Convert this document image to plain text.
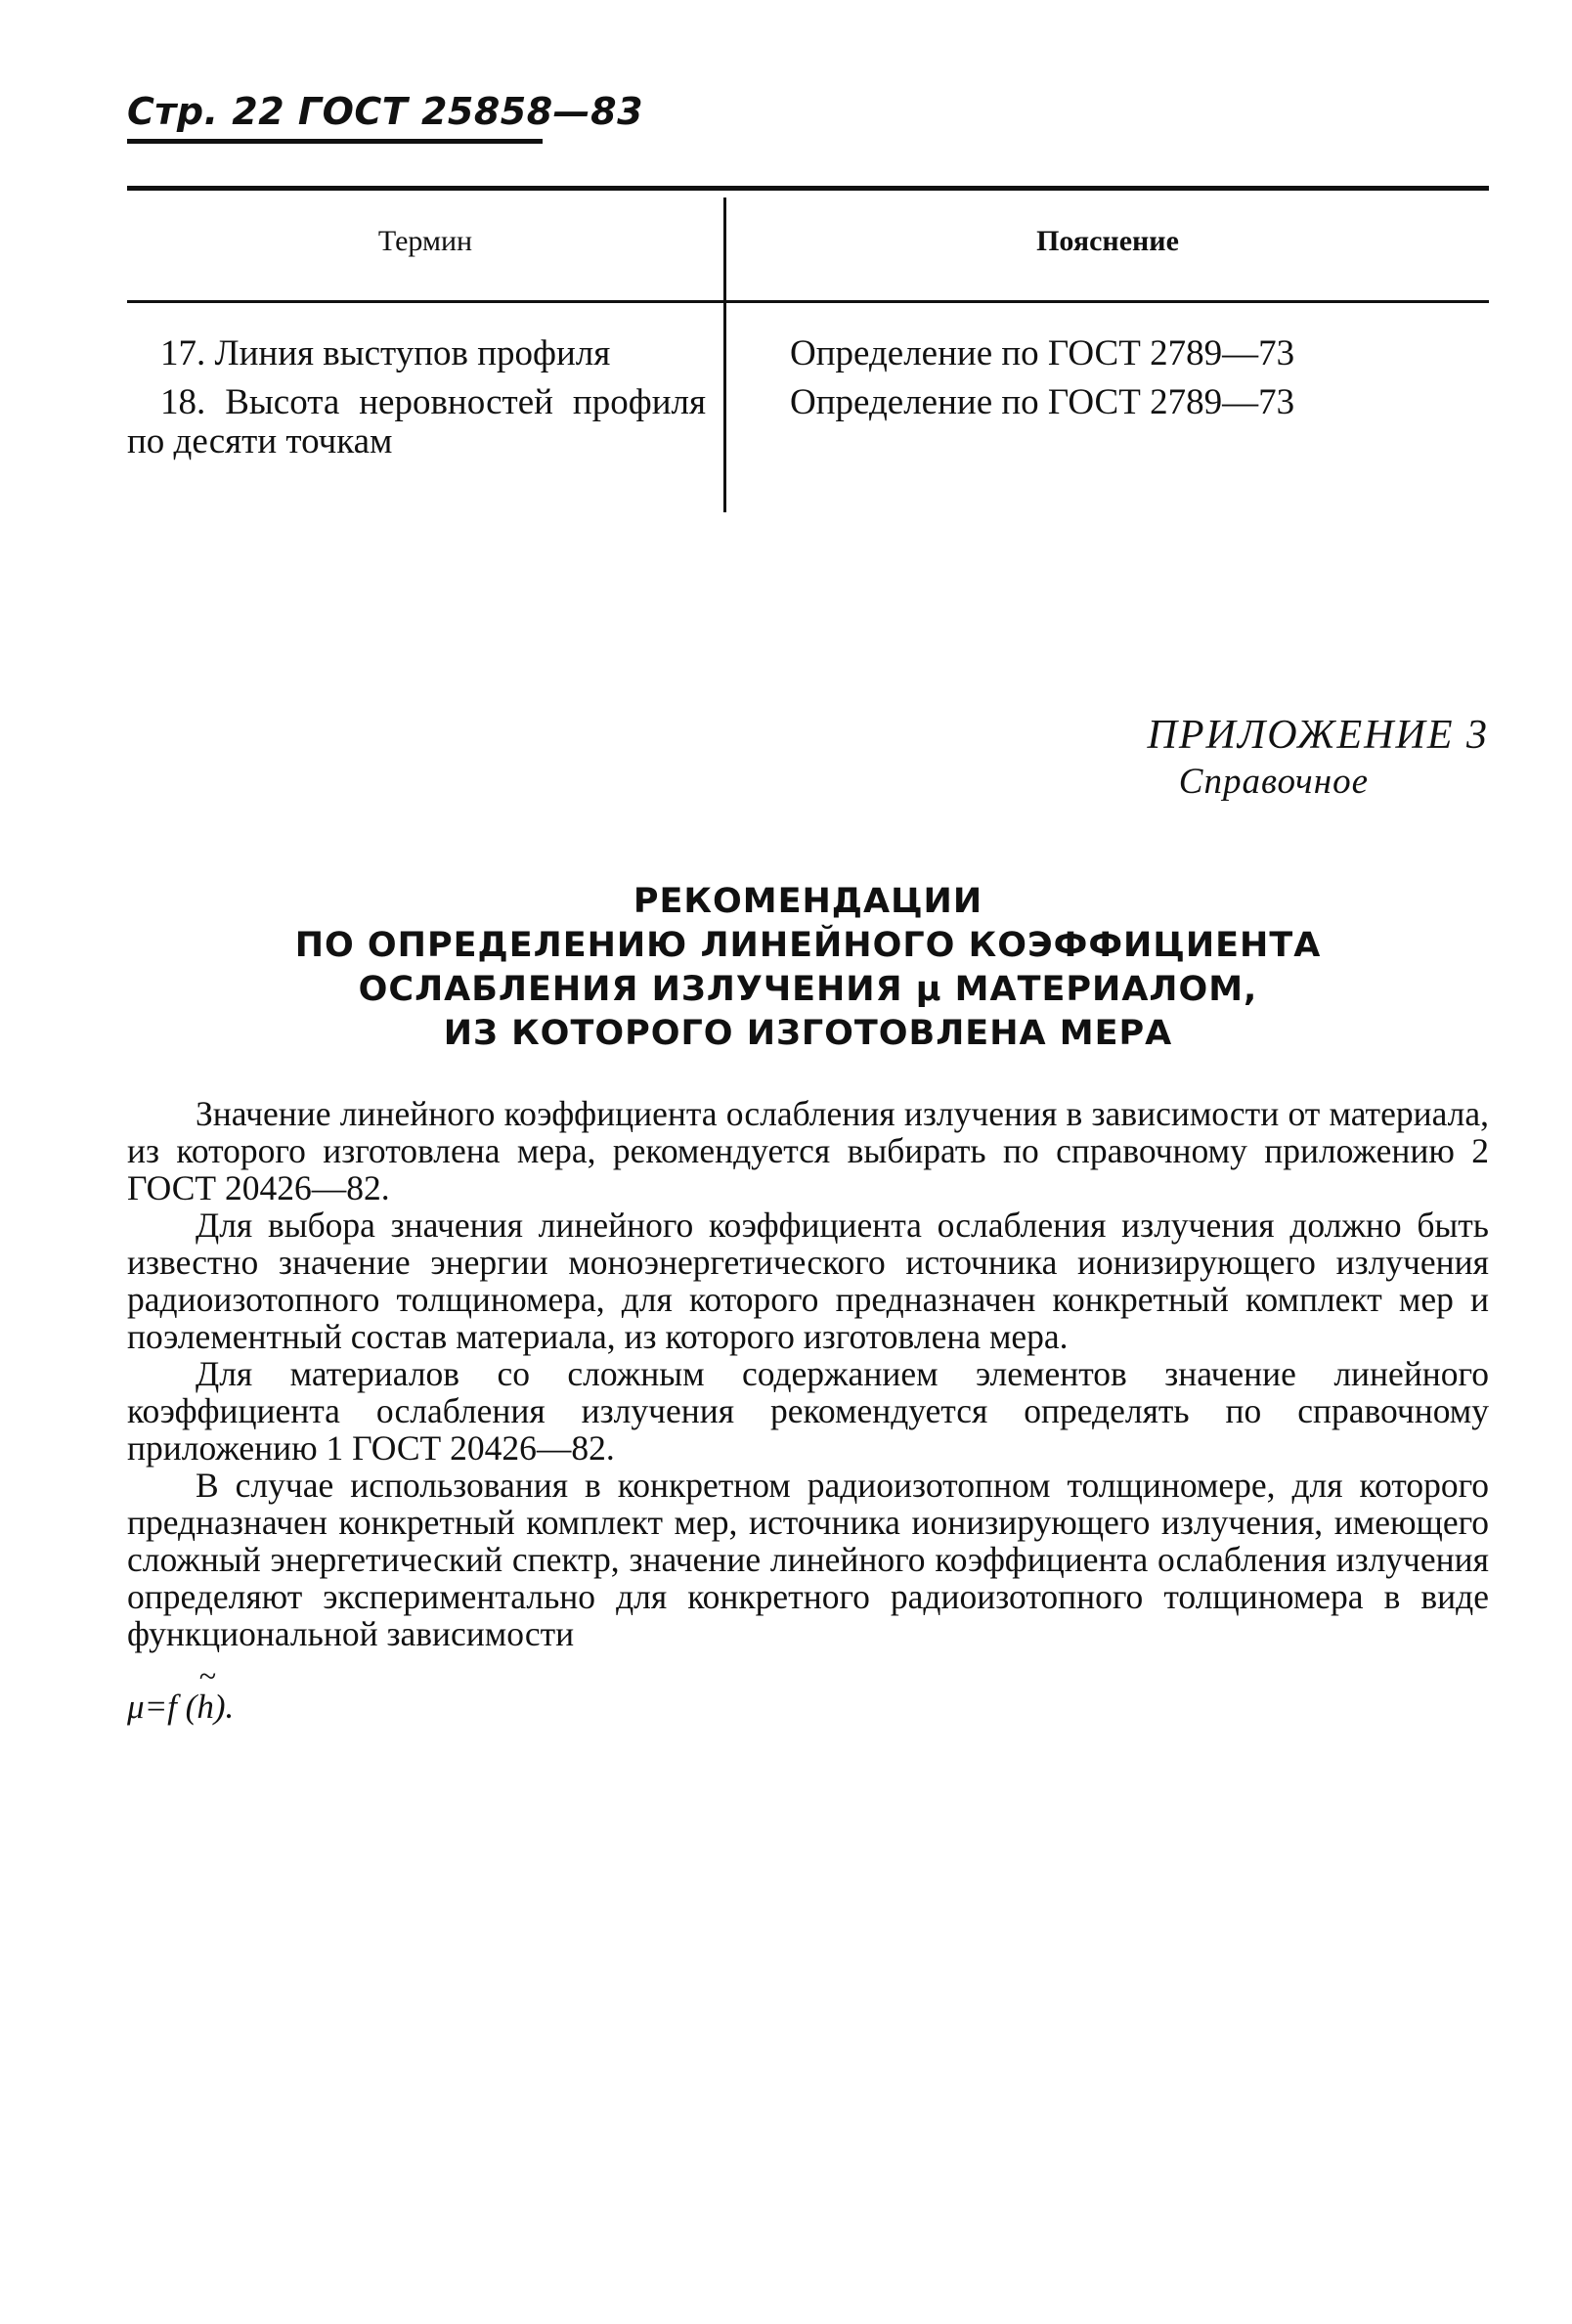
Стр. 22 ГОСТ 25858—83
Термин	Пояснение
17. Линия выступов профиля	Определение по ГОСТ 2789—73
18. Высота неровностей профиля по десяти точкам
Определение по ГОСТ 2789—73
ПРИЛОЖЕНИЕ 3
Справочное
РЕКОМЕНДАЦИИ
ПО ОПРЕДЕЛЕНИЮ ЛИНЕЙНОГО КОЭФФИЦИЕНТА
ОСЛАБЛЕНИЯ ИЗЛУЧЕНИЯ μ МАТЕРИАЛОМ,
ИЗ КОТОРОГО ИЗГОТОВЛЕНА МЕРА

Значение линейного коэффициента ослабления излучения в зависимости от материала, из которого изготовлена мера, рекомендуется выбирать по справочному приложению 2 ГОСТ 20426—82.

Для выбора значения линейного коэффициента ослабления излучения должно быть известно значение энергии моноэнергетического источника ионизирующего излучения радиоизотопного толщиномера, для которого предназначен конкретный комплект мер и поэлементный состав материала, из которого изготовлена мера.

Для материалов со сложным содержанием элементов значение линейного коэффициента ослабления излучения рекомендуется определять по справочному приложению 1 ГОСТ 20426—82.

В случае использования в конкретном радиоизотопном толщиномере, для которого предназначен конкретный комплект мер, источника ионизирующего излучения, имеющего сложный энергетический спектр, значение линейного коэффициента ослабления излучения определяют экспериментально для конкретного радиоизотопного толщиномера в виде функциональной зависимости

μ=f (~ h).
